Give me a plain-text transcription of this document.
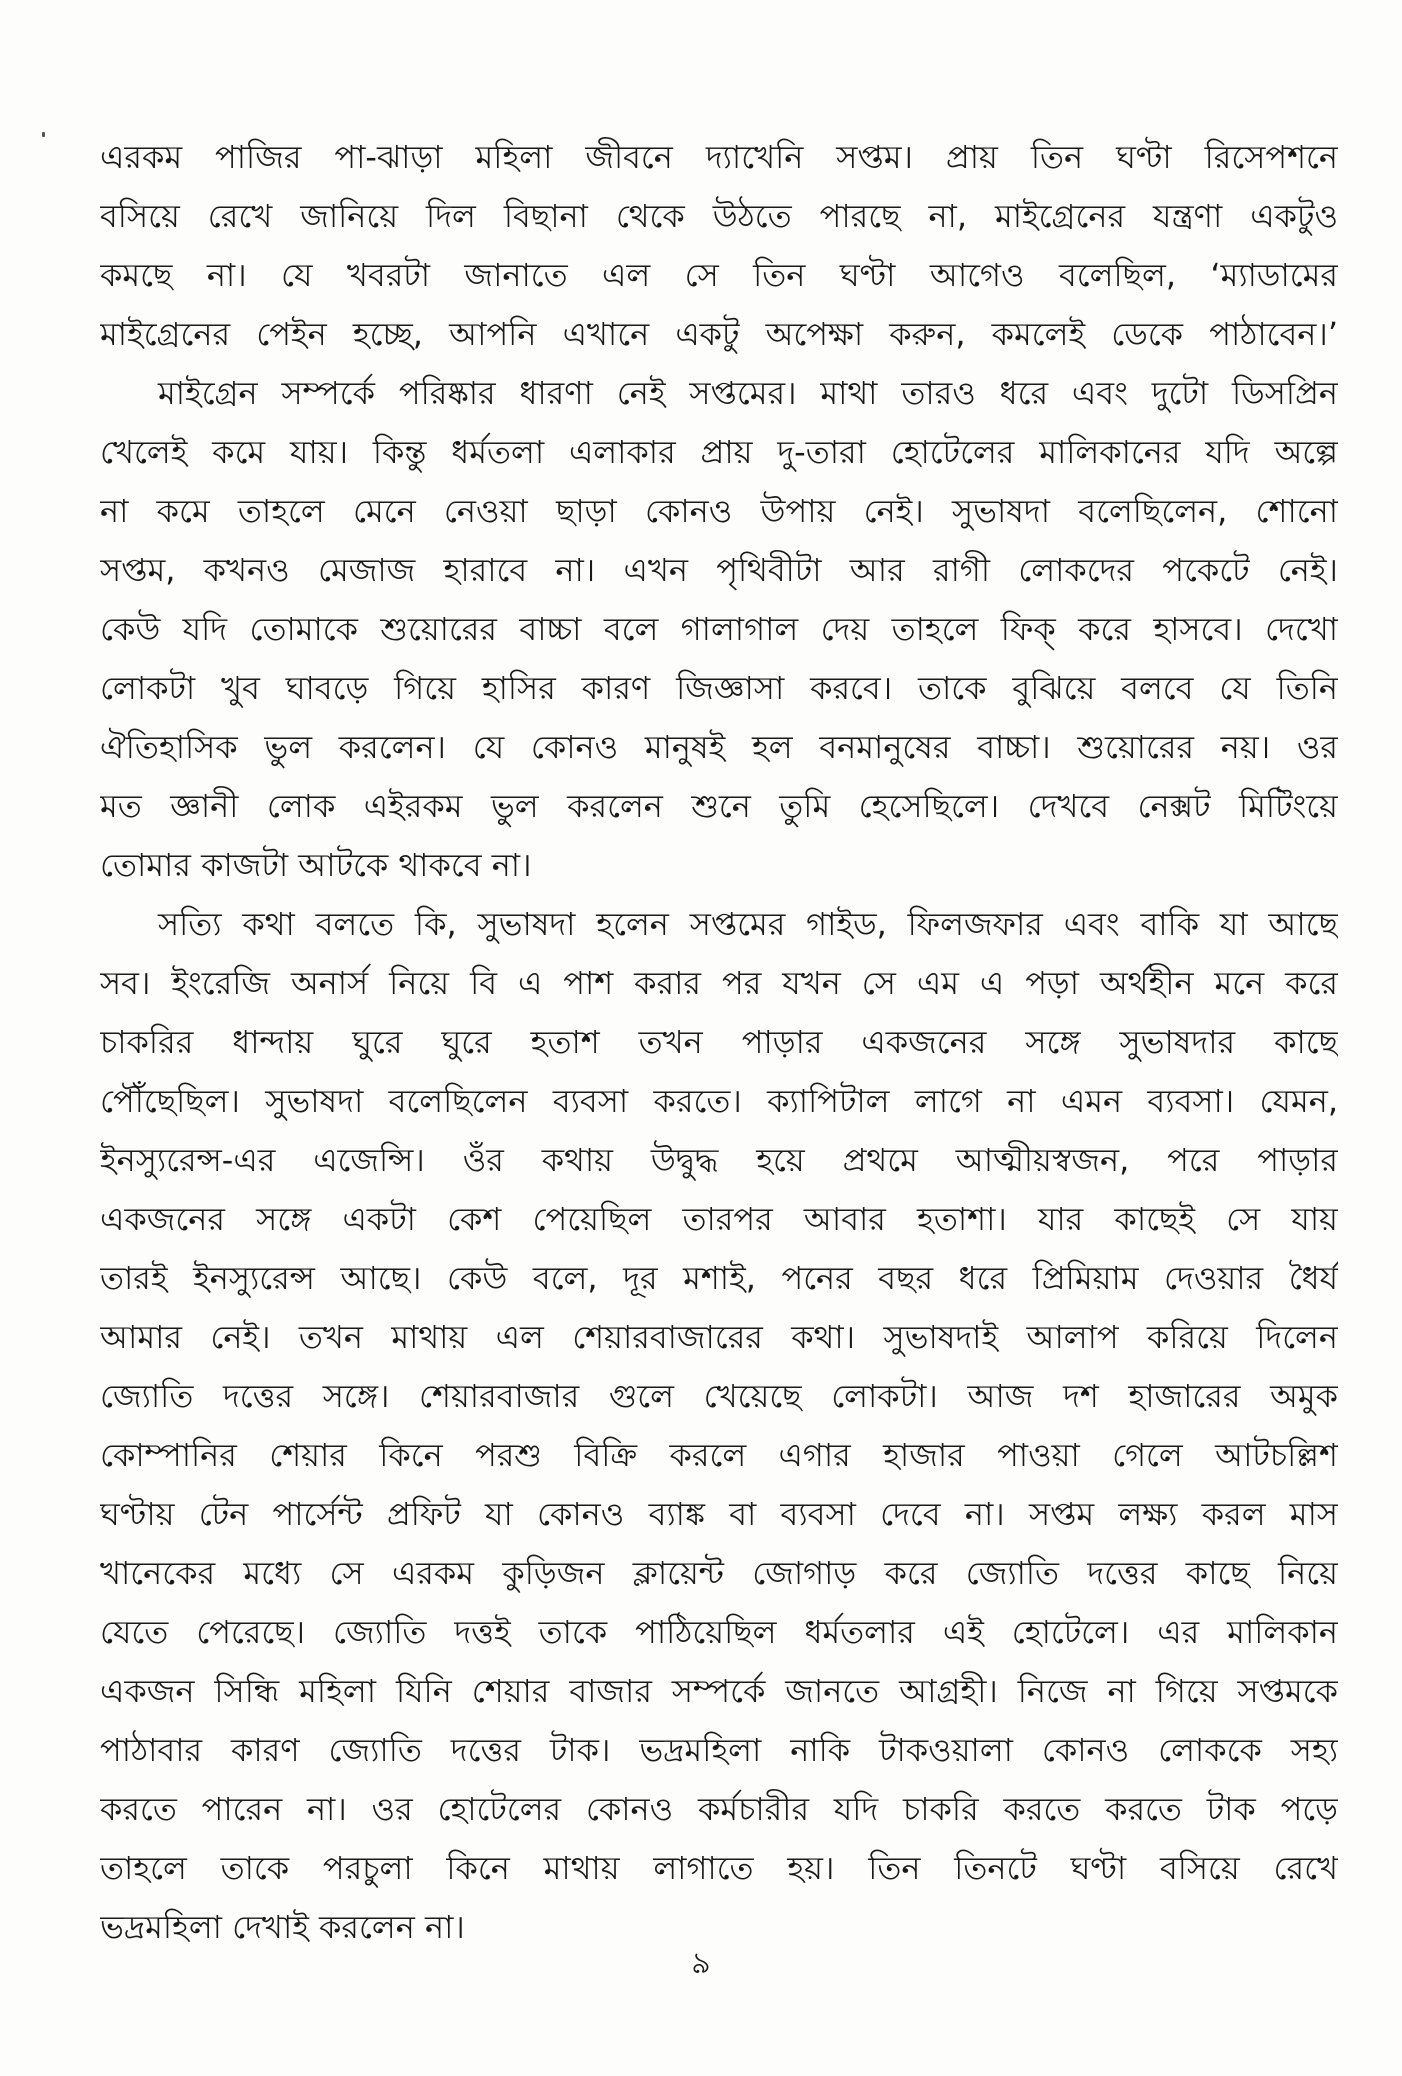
এরকম পাজির পা-ঝাড়া মহিলা জীবনে দ্যাখেনি সপ্তম। প্রায় তিন ঘণ্টা রিসেপশনে
বসিয়ে রেখে জানিয়ে দিল বিছানা থেকে উঠতে পারছে না, মাইগ্রেনের যন্ত্রণা একটুও
কমছে না। যে খবরটা জানাতে এল সে তিন ঘণ্টা আগেও বলেছিল, ‘ম্যাডামের
মাইগ্রেনের পেইন হচ্ছে, আপনি এখানে একটু অপেক্ষা করুন, কমলেই ডেকে পাঠাবেন।’
মাইগ্রেন সম্পর্কে পরিষ্কার ধারণা নেই সপ্তমের। মাথা তারও ধরে এবং দুটো ডিসপ্রিন
খেলেই কমে যায়। কিন্তু ধর্মতলা এলাকার প্রায় দু-তারা হোটেলের মালিকানের যদি অল্পে
না কমে তাহলে মেনে নেওয়া ছাড়া কোনও উপায় নেই। সুভাষদা বলেছিলেন, শোনো
সপ্তম, কখনও মেজাজ হারাবে না। এখন পৃথিবীটা আর রাগী লোকদের পকেটে নেই।
কেউ যদি তোমাকে শুয়োরের বাচ্চা বলে গালাগাল দেয় তাহলে ফিক্ করে হাসবে। দেখো
লোকটা খুব ঘাবড়ে গিয়ে হাসির কারণ জিজ্ঞাসা করবে। তাকে বুঝিয়ে বলবে যে তিনি
ঐতিহাসিক ভুল করলেন। যে কোনও মানুষই হল বনমানুষের বাচ্চা। শুয়োরের নয়। ওর
মত জ্ঞানী লোক এইরকম ভুল করলেন শুনে তুমি হেসেছিলে। দেখবে নেক্সট মিটিংয়ে
তোমার কাজটা আটকে থাকবে না।
সত্যি কথা বলতে কি, সুভাষদা হলেন সপ্তমের গাইড, ফিলজফার এবং বাকি যা আছে
সব। ইংরেজি অনার্স নিয়ে বি এ পাশ করার পর যখন সে এম এ পড়া অর্থহীন মনে করে
চাকরির ধান্দায় ঘুরে ঘুরে হতাশ তখন পাড়ার একজনের সঙ্গে সুভাষদার কাছে
পৌঁছেছিল। সুভাষদা বলেছিলেন ব্যবসা করতে। ক্যাপিটাল লাগে না এমন ব্যবসা। যেমন,
ইনস্যুরেন্স-এর এজেন্সি। ওঁর কথায় উদ্বুদ্ধ হয়ে প্রথমে আত্মীয়স্বজন, পরে পাড়ার
একজনের সঙ্গে একটা কেশ পেয়েছিল তারপর আবার হতাশা। যার কাছেই সে যায়
তারই ইনস্যুরেন্স আছে। কেউ বলে, দূর মশাই, পনের বছর ধরে প্রিমিয়াম দেওয়ার ধৈর্য
আমার নেই। তখন মাথায় এল শেয়ারবাজারের কথা। সুভাষদাই আলাপ করিয়ে দিলেন
জ্যোতি দত্তের সঙ্গে। শেয়ারবাজার গুলে খেয়েছে লোকটা। আজ দশ হাজারের অমুক
কোম্পানির শেয়ার কিনে পরশু বিক্রি করলে এগার হাজার পাওয়া গেলে আটচল্লিশ
ঘণ্টায় টেন পার্সেন্ট প্রফিট যা কোনও ব্যাঙ্ক বা ব্যবসা দেবে না। সপ্তম লক্ষ্য করল মাস
খানেকের মধ্যে সে এরকম কুড়িজন ক্লায়েন্ট জোগাড় করে জ্যোতি দত্তের কাছে নিয়ে
যেতে পেরেছে। জ্যোতি দত্তই তাকে পাঠিয়েছিল ধর্মতলার এই হোটেলে। এর মালিকান
একজন সিন্ধি মহিলা যিনি শেয়ার বাজার সম্পর্কে জানতে আগ্রহী। নিজে না গিয়ে সপ্তমকে
পাঠাবার কারণ জ্যোতি দত্তের টাক। ভদ্রমহিলা নাকি টাকওয়ালা কোনও লোককে সহ্য
করতে পারেন না। ওর হোটেলের কোনও কর্মচারীর যদি চাকরি করতে করতে টাক পড়ে
তাহলে তাকে পরচুলা কিনে মাথায় লাগাতে হয়। তিন তিনটে ঘণ্টা বসিয়ে রেখে
ভদ্রমহিলা দেখাই করলেন না।
৯
